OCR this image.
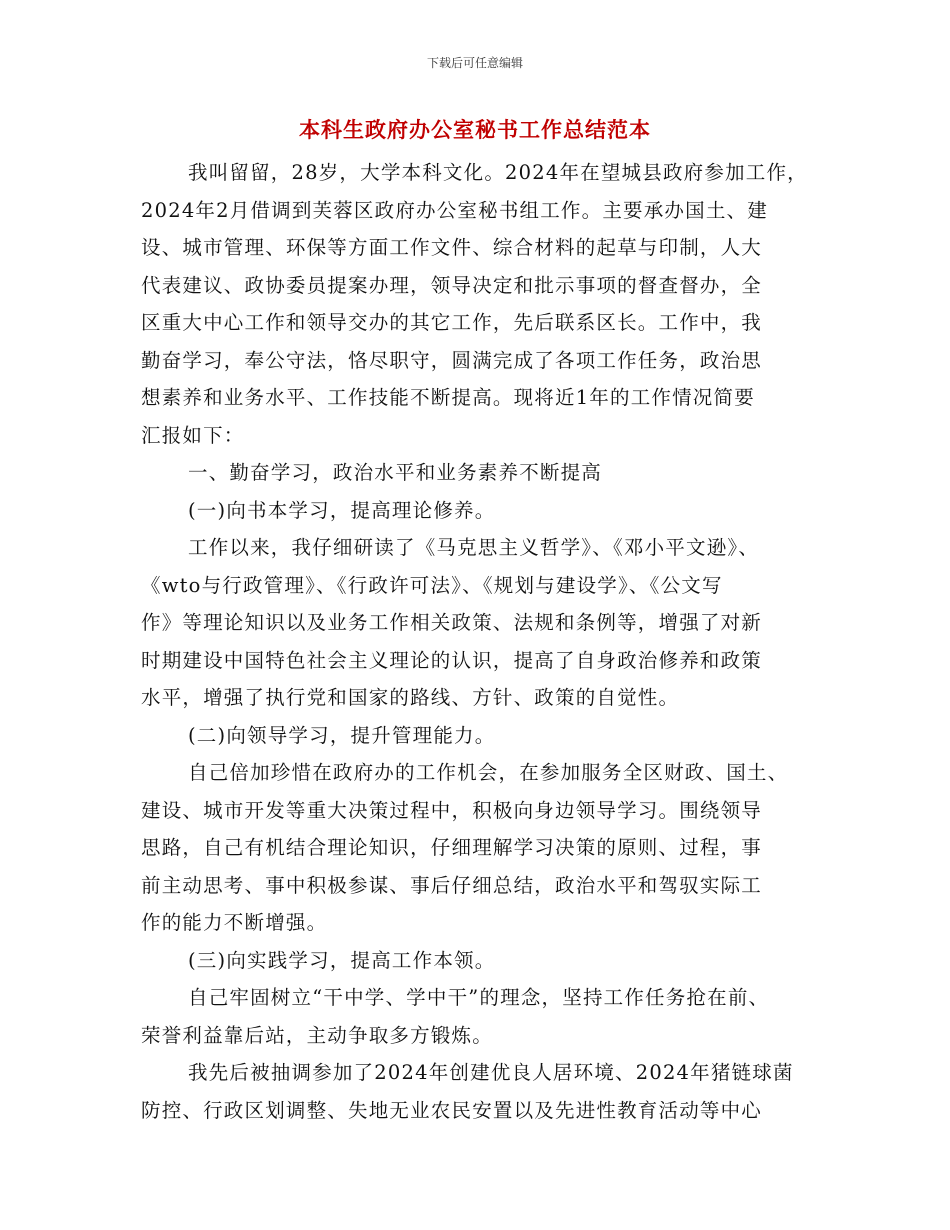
下载后可任意编辑
本科生政府办公室秘书工作总结范本
我叫留留，28岁，大学本科文化。2024年在望城县政府参加工作，
2024年2月借调到芙蓉区政府办公室秘书组工作。主要承办国土、建
设、城市管理、环保等方面工作文件、综合材料的起草与印制，人大
代表建议、政协委员提案办理，领导决定和批示事项的督查督办，全
区重大中心工作和领导交办的其它工作，先后联系区长。工作中，我
勤奋学习，奉公守法，恪尽职守，圆满完成了各项工作任务，政治思
想素养和业务水平、工作技能不断提高。现将近1年的工作情况简要
汇报如下：
一、勤奋学习，政治水平和业务素养不断提高
(一)向书本学习，提高理论修养。
工作以来，我仔细研读了《马克思主义哲学》、《邓小平文逊》、
《wto与行政管理》、《行政许可法》、《规划与建设学》、《公文写
作》等理论知识以及业务工作相关政策、法规和条例等，增强了对新
时期建设中国特色社会主义理论的认识，提高了自身政治修养和政策
水平，增强了执行党和国家的路线、方针、政策的自觉性。
(二)向领导学习，提升管理能力。
自己倍加珍惜在政府办的工作机会，在参加服务全区财政、国土、
建设、城市开发等重大决策过程中，积极向身边领导学习。围绕领导
思路，自己有机结合理论知识，仔细理解学习决策的原则、过程，事
前主动思考、事中积极参谋、事后仔细总结，政治水平和驾驭实际工
作的能力不断增强。
(三)向实践学习，提高工作本领。
自己牢固树立“干中学、学中干”的理念，坚持工作任务抢在前、
荣誉利益靠后站，主动争取多方锻炼。
我先后被抽调参加了2024年创建优良人居环境、2024年猪链球菌
防控、行政区划调整、失地无业农民安置以及先进性教育活动等中心
